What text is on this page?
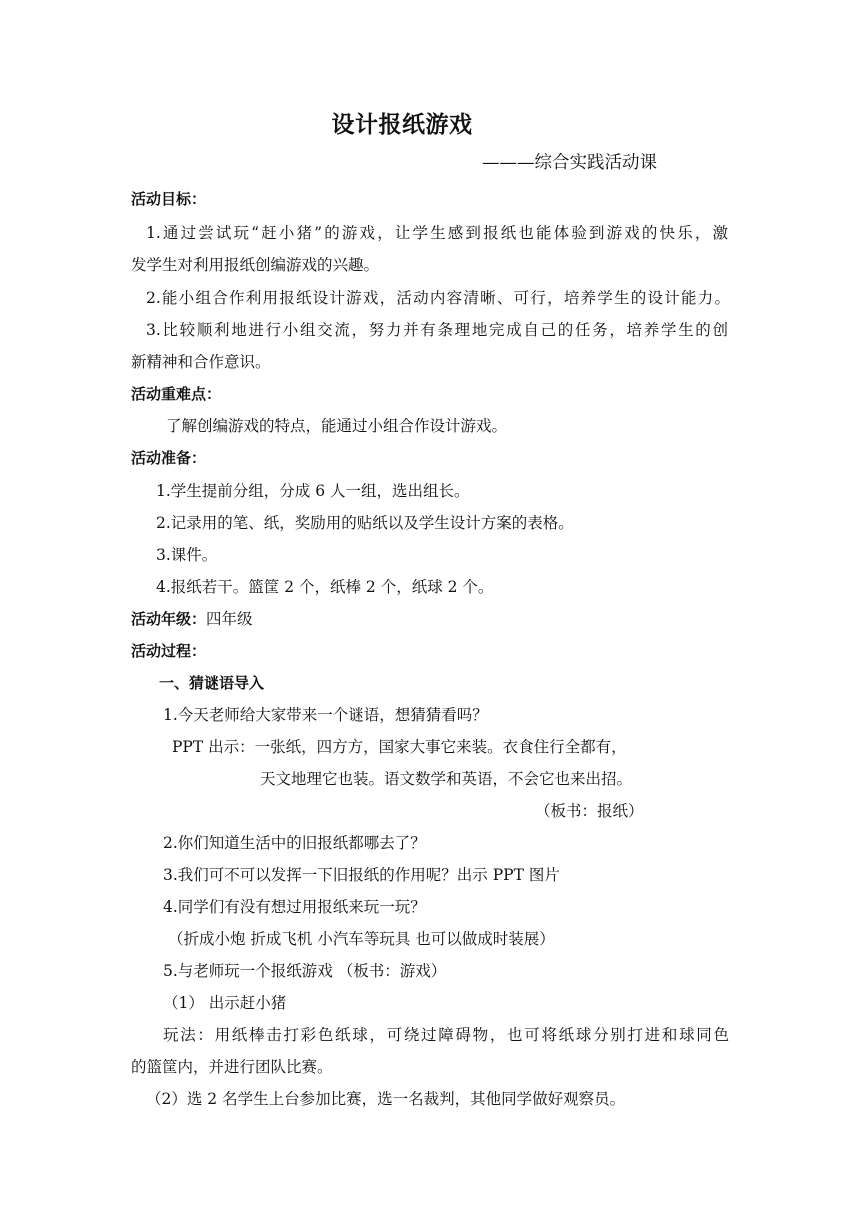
设计报纸游戏
———综合实践活动课
活动目标：
1.通过尝试玩“赶小猪”的游戏，让学生感到报纸也能体验到游戏的快乐，激
发学生对利用报纸创编游戏的兴趣。
2.能小组合作利用报纸设计游戏，活动内容清晰、可行，培养学生的设计能力。
3.比较顺利地进行小组交流，努力并有条理地完成自己的任务，培养学生的创
新精神和合作意识。
活动重难点：
了解创编游戏的特点，能通过小组合作设计游戏。
活动准备：
1.学生提前分组，分成 6 人一组，选出组长。
2.记录用的笔、纸，奖励用的贴纸以及学生设计方案的表格。
3.课件。
4.报纸若干。篮筐 2 个，纸棒 2 个，纸球 2 个。
活动年级：四年级
活动过程：
一、猜谜语导入
1.今天老师给大家带来一个谜语，想猜猜看吗？
PPT 出示：一张纸，四方方，国家大事它来装。衣食住行全都有，
天文地理它也装。语文数学和英语，不会它也来出招。
（板书：报纸）
2.你们知道生活中的旧报纸都哪去了？
3.我们可不可以发挥一下旧报纸的作用呢？出示 PPT 图片
4.同学们有没有想过用报纸来玩一玩？
（折成小炮 折成飞机 小汽车等玩具 也可以做成时装展）
5.与老师玩一个报纸游戏 （板书：游戏）
（1） 出示赶小猪
玩法：用纸棒击打彩色纸球，可绕过障碍物，也可将纸球分别打进和球同色
的篮筐内，并进行团队比赛。
（2）选 2 名学生上台参加比赛，选一名裁判，其他同学做好观察员。
